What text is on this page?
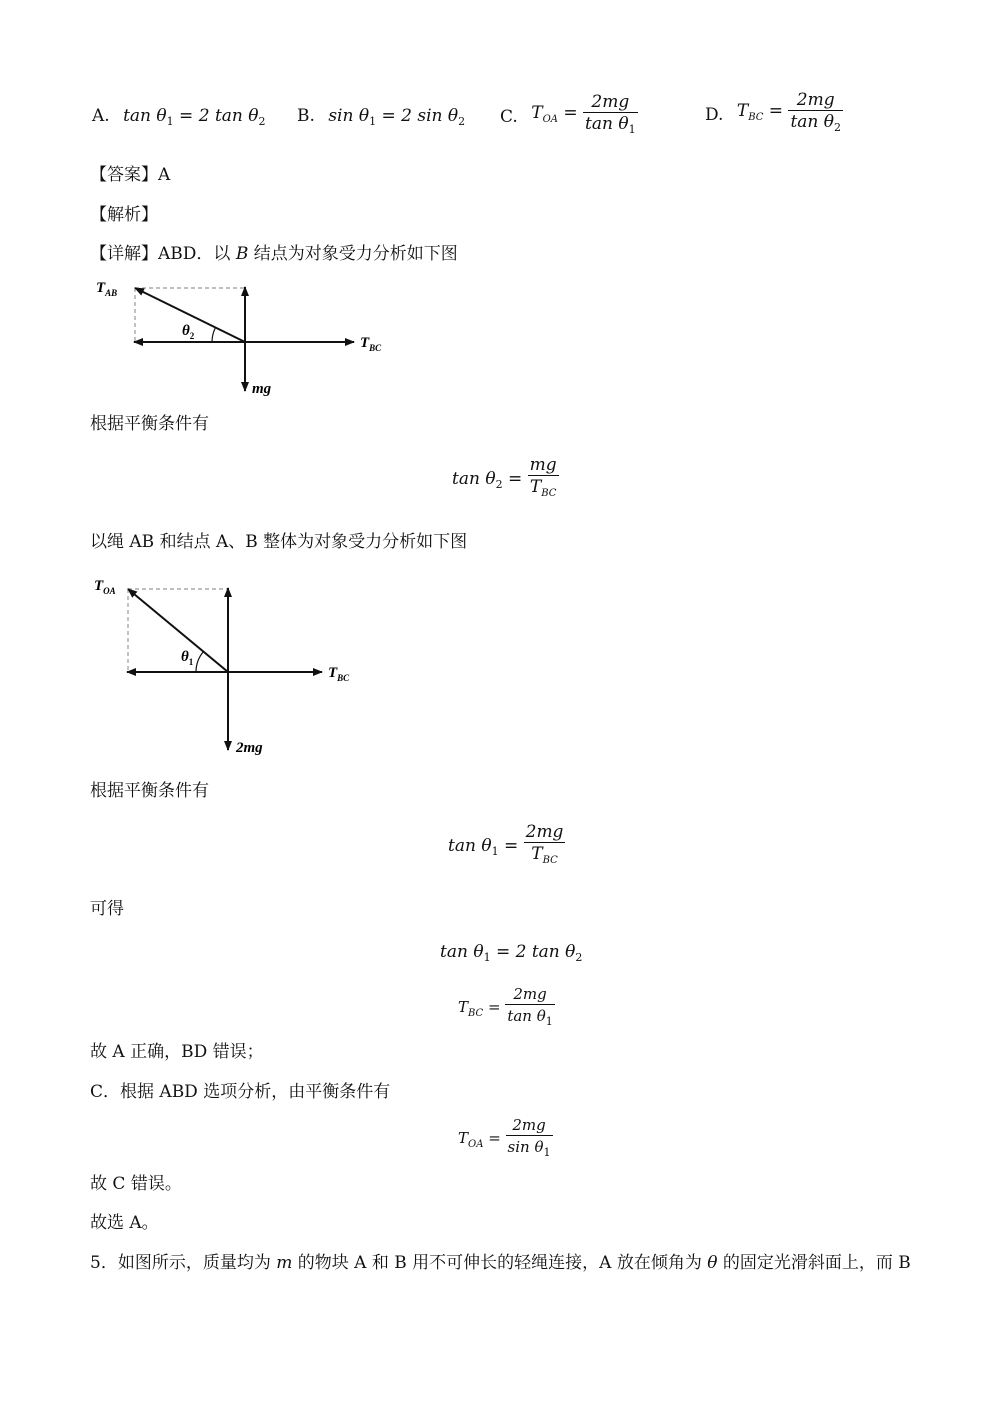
A. $\tan \theta_1 = 2$ $\tan \theta_2$ B. $\sin \theta_1 = 2$ $\sin \theta_2$ C. $T_{OA} = \frac{2mg}{\tan \theta_1}$	D. $T_{BC} = \frac{2mg}{\tan \theta_2}$
【答案】A
【解析】
【详解】ABD．以 B 结点为对象受力分析如下图
$T_{AB}$
$\theta_2$	$T_{BC}$
mg
根据平衡条件有
$\tan \theta_2 = \frac{mg}{T_{BC}}$
以绳 AB 和结点 A、B 整体为对象受力分析如下图
$T_{OA}$
$\theta_1$
$T_{BC}$
2mg
根据平衡条件有
$\tan \theta_1 = \frac{2mg}{T_{BC}}$
可得
$\tan \theta_1 = 2$ $\tan \theta_2$
$T_{BC} = \frac{2mg}{\tan \theta_1}$
故 A 正确，BD 错误；
C．根据 ABD 选项分析，由平衡条件有
$T_{OA} = \frac{2mg}{\sin \theta_1}$
故 C 错误。
故选 A。
5．如图所示，质量均为 m 的物块 A 和 B 用不可伸长的轻绳连接，A 放在倾角为 θ 的固定光滑斜面上，而 B
